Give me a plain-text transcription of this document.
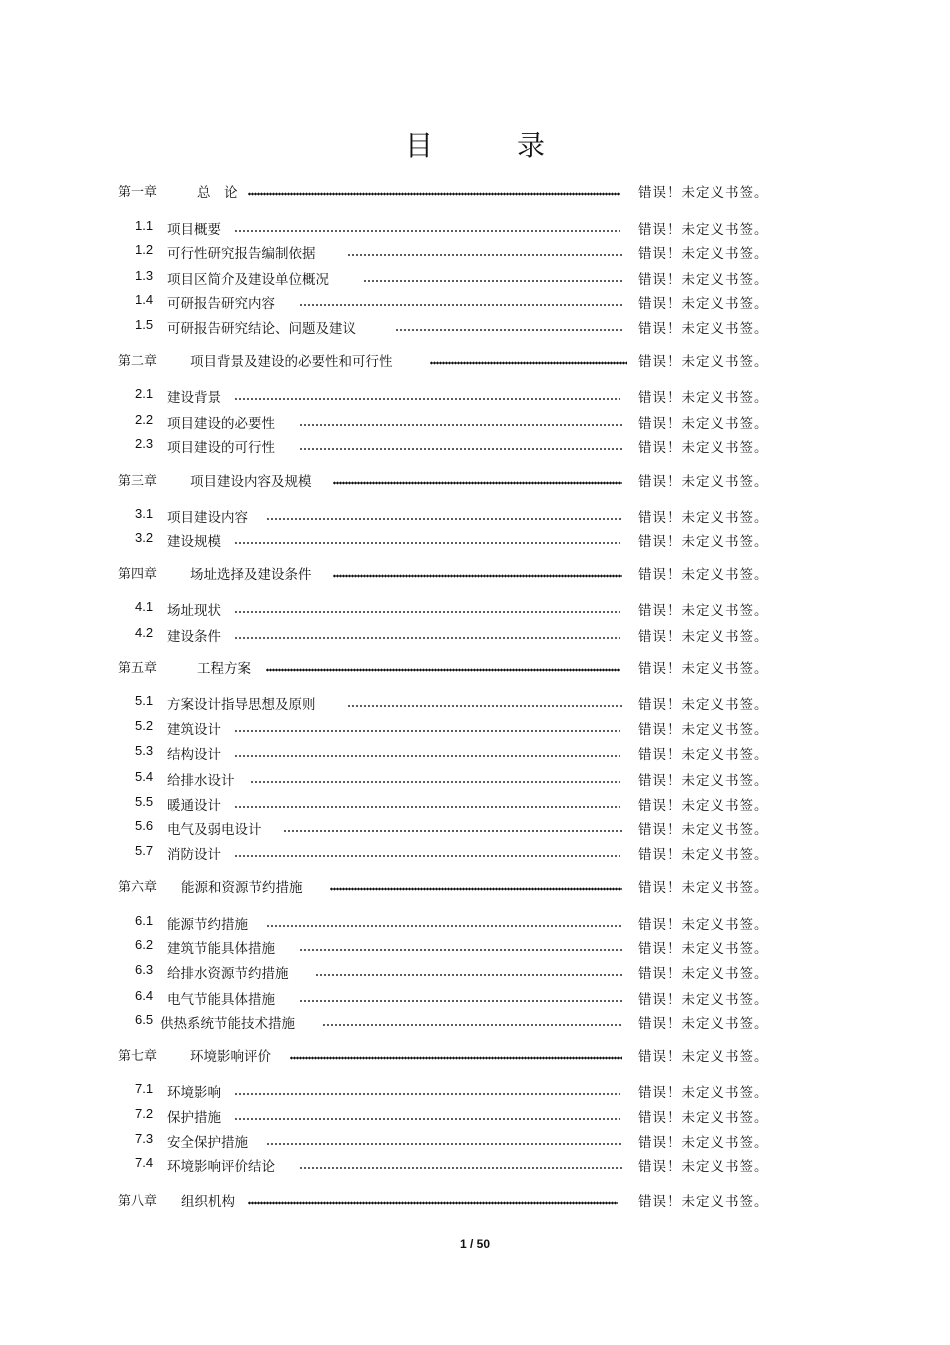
目　录
第一章	总　论	错误！未定义书签。
1.1 项目概要	错误！未定义书签。
1.2 可行性研究报告编制依据	错误！未定义书签。
1.3 项目区简介及建设单位概况	错误！未定义书签。
1.4 可研报告研究内容	错误！未定义书签。
1.5 可研报告研究结论、问题及建议	错误！未定义书签。
第二章 项目背景及建设的必要性和可行性	错误！未定义书签。
2.1 建设背景	错误！未定义书签。
2.2 项目建设的必要性	错误！未定义书签。
2.3 项目建设的可行性	错误！未定义书签。
第三章 项目建设内容及规模	错误！未定义书签。
3.1 项目建设内容	错误！未定义书签。
3.2 建设规模	错误！未定义书签。
第四章 场址选择及建设条件	错误！未定义书签。
4.1 场址现状	错误！未定义书签。
4.2 建设条件	错误！未定义书签。
第五章	工程方案	错误！未定义书签。
5.1 方案设计指导思想及原则	错误！未定义书签。
5.2 建筑设计	错误！未定义书签。
5.3 结构设计	错误！未定义书签。
5.4 给排水设计	错误！未定义书签。
5.5 暖通设计	错误！未定义书签。
5.6 电气及弱电设计	错误！未定义书签。
5.7 消防设计	错误！未定义书签。
第六章 能源和资源节约措施	错误！未定义书签。
6.1 能源节约措施	错误！未定义书签。
6.2 建筑节能具体措施	错误！未定义书签。
6.3 给排水资源节约措施	错误！未定义书签。
6.4 电气节能具体措施	错误！未定义书签。
6.5 供热系统节能技术措施	错误！未定义书签。
第七章 环境影响评价	错误！未定义书签。
7.1 环境影响	错误！未定义书签。
7.2 保护措施	错误！未定义书签。
7.3 安全保护措施	错误！未定义书签。
7.4 环境影响评价结论	错误！未定义书签。
第八章 组织机构	错误！未定义书签。
1 / 50
